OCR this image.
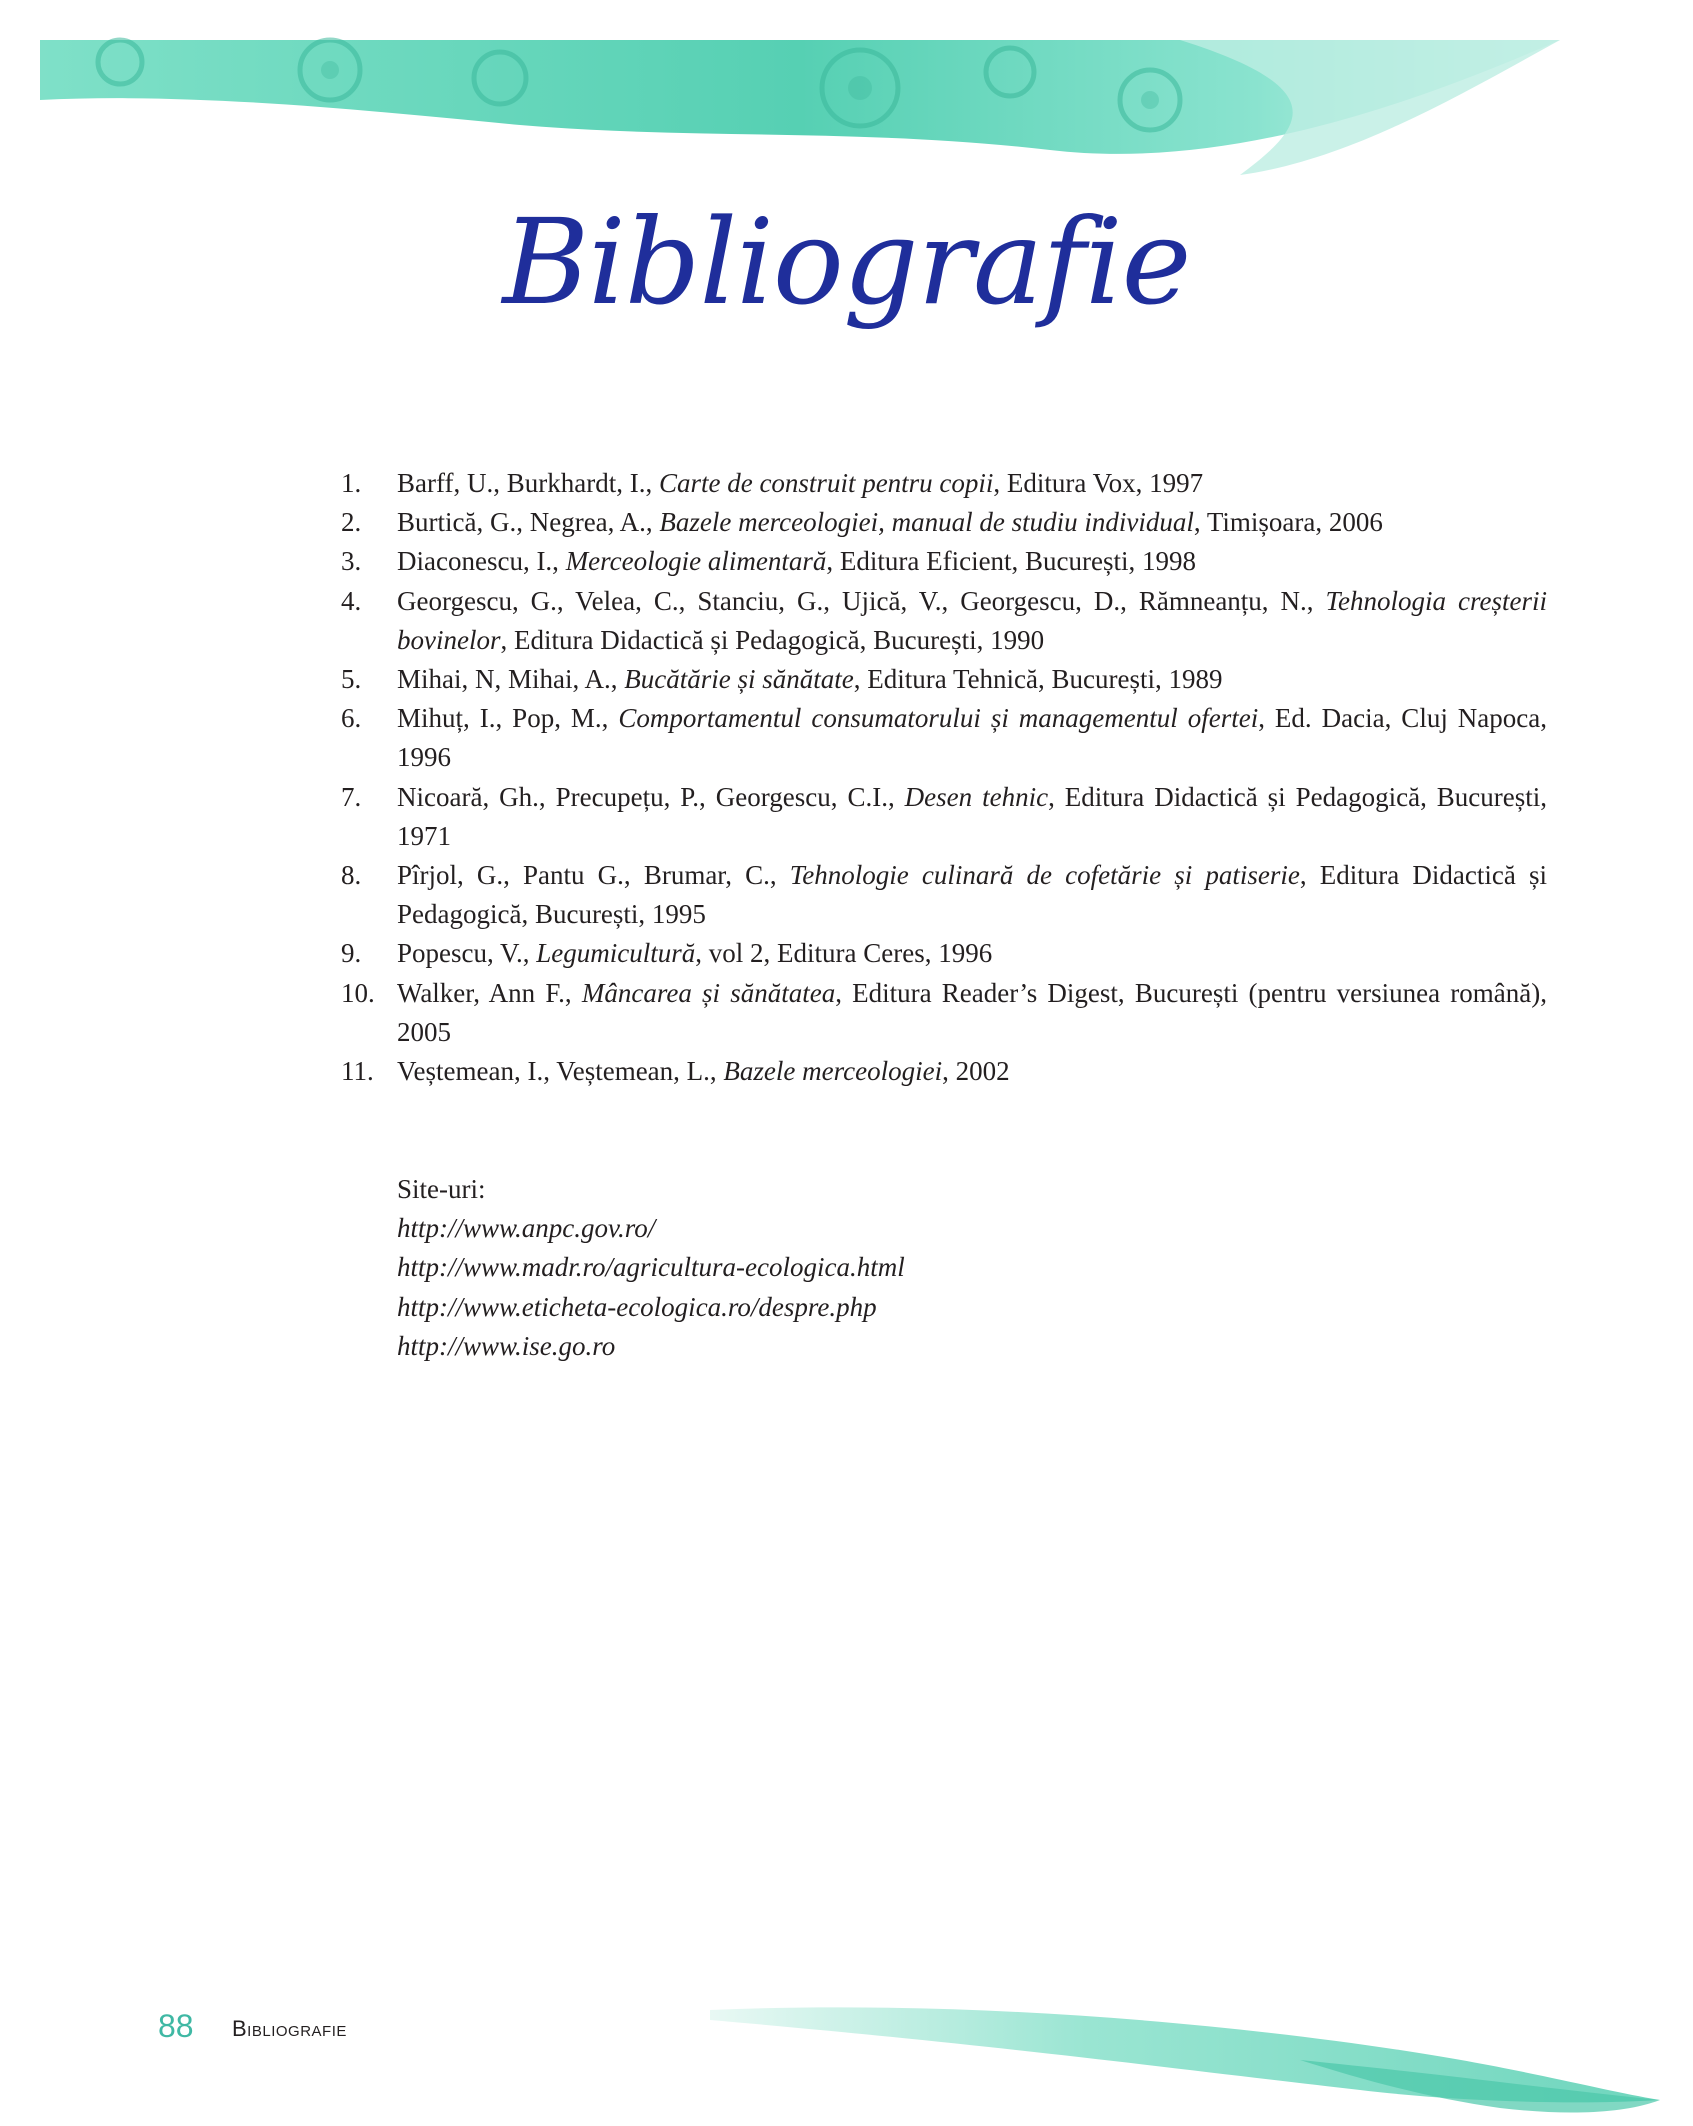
Bibliografie
1.	Barff, U., Burkhardt, I., Carte de construit pentru copii, Editura Vox, 1997
2.	Burtică, G., Negrea, A., Bazele merceologiei, manual de studiu individual, Timișoara, 2006
3.	Diaconescu, I., Merceologie alimentară, Editura Eficient, București, 1998
4.	Georgescu, G., Velea, C., Stanciu, G., Ujică, V., Georgescu, D., Rămneanțu, N., Tehnologia creșterii bovinelor, Editura Didactică și Pedagogică, București, 1990
5.	Mihai, N, Mihai, A., Bucătărie și sănătate, Editura Tehnică, București, 1989
6.	Mihuț, I., Pop, M., Comportamentul consumatorului și managementul ofertei, Ed. Dacia, Cluj Napoca, 1996
7.	Nicoară, Gh., Precupețu, P., Georgescu, C.I., Desen tehnic, Editura Didactică și Pedagogică, București, 1971
8.	Pîrjol, G., Pantu G., Brumar, C., Tehnologie culinară de cofetărie și patiserie, Editura Didactică și Pedagogică, București, 1995
9.	Popescu, V., Legumicultură, vol 2, Editura Ceres, 1996
10. Walker, Ann F., Mâncarea și sănătatea, Editura Reader’s Digest, București (pentru versiunea română), 2005
11. Veștemean, I., Veștemean, L., Bazele merceologiei, 2002
Site-uri:
http://www.anpc.gov.ro/
http://www.madr.ro/agricultura-ecologica.html
http://www.eticheta-ecologica.ro/despre.php
http://www.ise.go.ro
88 Bibliografie
